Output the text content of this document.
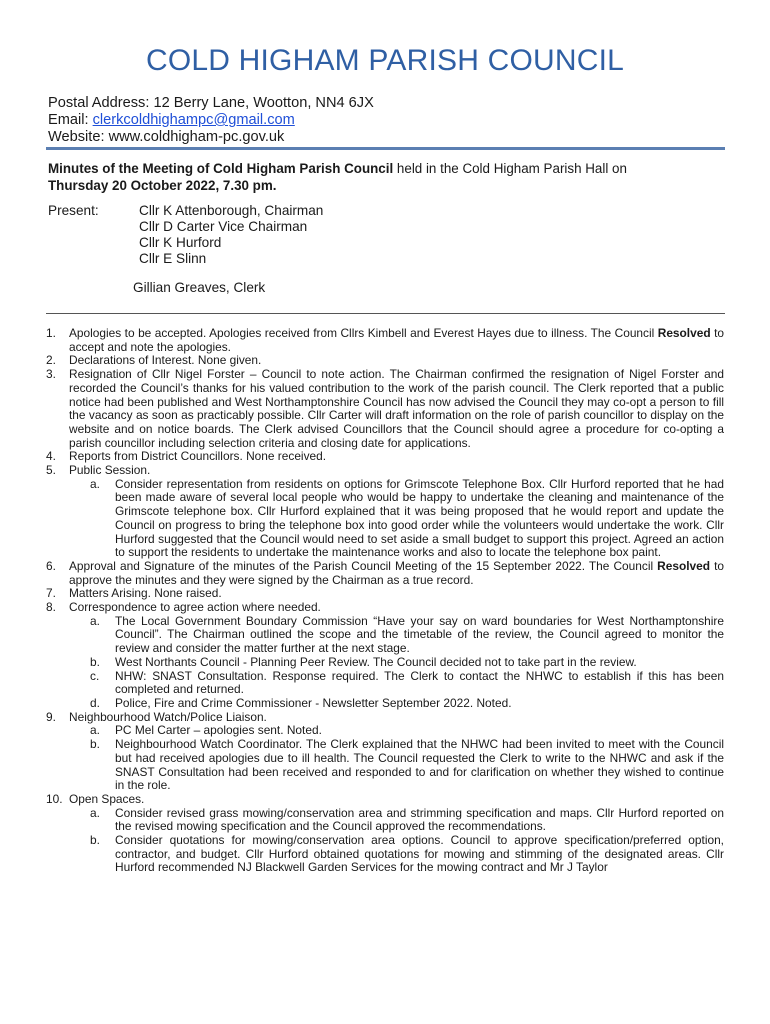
COLD HIGHAM PARISH COUNCIL
Postal Address: 12 Berry Lane, Wootton, NN4 6JX
Email: clerkcoldhighampc@gmail.com
Website: www.coldhigham-pc.gov.uk
Minutes of the Meeting of Cold Higham Parish Council held in the Cold Higham Parish Hall on
Thursday 20 October 2022, 7.30 pm.
Present:	Cllr K Attenborough, Chairman
Cllr D Carter Vice Chairman
Cllr K Hurford
Cllr E Slinn
Gillian Greaves, Clerk
1. Apologies to be accepted. Apologies received from Cllrs Kimbell and Everest Hayes due to illness. The Council Resolved to accept and note the apologies.
2. Declarations of Interest. None given.
3. Resignation of Cllr Nigel Forster – Council to note action. The Chairman confirmed the resignation of Nigel Forster and recorded the Council’s thanks for his valued contribution to the work of the parish council. The Clerk reported that a public notice had been published and West Northamptonshire Council has now advised the Council they may co-opt a person to fill the vacancy as soon as practicably possible. Cllr Carter will draft information on the role of parish councillor to display on the website and on notice boards. The Clerk advised Councillors that the Council should agree a procedure for co-opting a parish councillor including selection criteria and closing date for applications.
4. Reports from District Councillors. None received.
5. Public Session.
a. Consider representation from residents on options for Grimscote Telephone Box. Cllr Hurford reported that he had been made aware of several local people who would be happy to undertake the cleaning and maintenance of the Grimscote telephone box. Cllr Hurford explained that it was being proposed that he would report and update the Council on progress to bring the telephone box into good order while the volunteers would undertake the work. Cllr Hurford suggested that the Council would need to set aside a small budget to support this project. Agreed an action to support the residents to undertake the maintenance works and also to locate the telephone box paint.
6. Approval and Signature of the minutes of the Parish Council Meeting of the 15 September 2022. The Council Resolved to approve the minutes and they were signed by the Chairman as a true record.
7. Matters Arising. None raised.
8. Correspondence to agree action where needed.
a. The Local Government Boundary Commission “Have your say on ward boundaries for West Northamptonshire Council”. The Chairman outlined the scope and the timetable of the review, the Council agreed to monitor the review and consider the matter further at the next stage.
b. West Northants Council - Planning Peer Review. The Council decided not to take part in the review.
c. NHW: SNAST Consultation. Response required. The Clerk to contact the NHWC to establish if this has been completed and returned.
d. Police, Fire and Crime Commissioner - Newsletter September 2022. Noted.
9. Neighbourhood Watch/Police Liaison.
a. PC Mel Carter – apologies sent. Noted.
b. Neighbourhood Watch Coordinator. The Clerk explained that the NHWC had been invited to meet with the Council but had received apologies due to ill health. The Council requested the Clerk to write to the NHWC and ask if the SNAST Consultation had been received and responded to and for clarification on whether they wished to continue in the role.
10. Open Spaces.
a. Consider revised grass mowing/conservation area and strimming specification and maps. Cllr Hurford reported on the revised mowing specification and the Council approved the recommendations.
b. Consider quotations for mowing/conservation area options. Council to approve specification/preferred option, contractor, and budget. Cllr Hurford obtained quotations for mowing and stimming of the designated areas. Cllr Hurford recommended NJ Blackwell Garden Services for the mowing contract and Mr J Taylor
